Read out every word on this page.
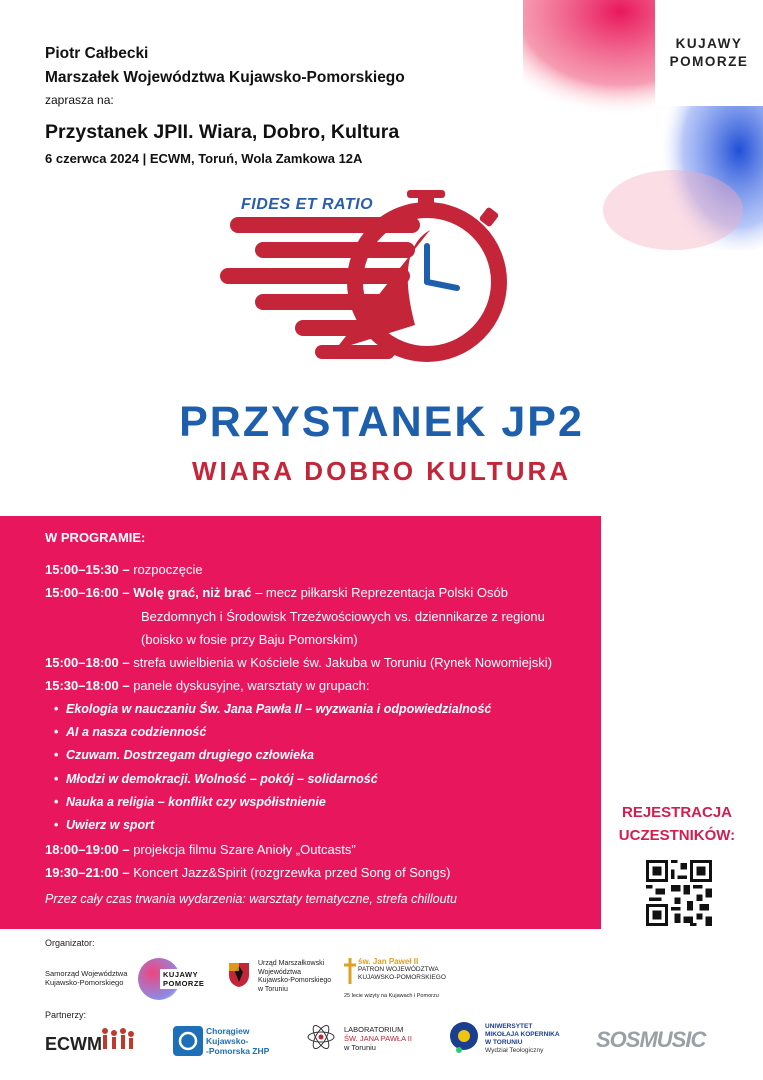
KUJAWY
POMORZE
Piotr Całbecki
Marszałek Województwa Kujawsko-Pomorskiego
zaprasza na:
Przystanek JPII. Wiara, Dobro, Kultura
6 czerwca 2024 | ECWM, Toruń, Wola Zamkowa 12A
FIDES ET RATIO
PRZYSTANEK JP2
WIARA DOBRO KULTURA
W PROGRAMIE:
15:00–15:30 – rozpoczęcie
15:00–16:00 – Wolę grać, niż brać – mecz piłkarski Reprezentacja Polski Osób
Bezdomnych i Środowisk Trzeźwościowych vs. dziennikarze z regionu
(boisko w fosie przy Baju Pomorskim)
15:00–18:00 – strefa uwielbienia w Kościele św. Jakuba w Toruniu (Rynek Nowomiejski)
15:30–18:00 – panele dyskusyjne, warsztaty w grupach:
• Ekologia w nauczaniu Św. Jana Pawła II – wyzwania i odpowiedzialność
• AI a nasza codzienność
• Czuwam. Dostrzegam drugiego człowieka
• Młodzi w demokracji. Wolność – pokój – solidarność
• Nauka a religia – konflikt czy współistnienie
• Uwierz w sport
18:00–19:00 – projekcja filmu Szare Anioły „Outcasts”
19:30–21:00 – Koncert Jazz&Spirit (rozgrzewka przed Song of Songs)
Przez cały czas trwania wydarzenia: warsztaty tematyczne, strefa chilloutu
REJESTRACJA
UCZESTNIKÓW:
Organizator:
Samorząd Województwa
Kujawsko-Pomorskiego
KUJAWY
POMORZE
Urząd Marszałkowski
Województwa
Kujawsko-Pomorskiego
w Toruniu
św. Jan Paweł II
PATRON WOJEWÓDZTWA
KUJAWSKO-POMORSKIEGO
25 lecie wizyty na Kujawach i Pomorzu
Partnerzy:
ECWM
Chorągiew
Kujawsko-
-Pomorska ZHP
LABORATORIUM
ŚW. JANA PAWŁA II
w Toruniu
UNIWERSYTET
MIKOŁAJA KOPERNIKA
W TORUNIU
Wydział Teologiczny	SOSMUSIC
